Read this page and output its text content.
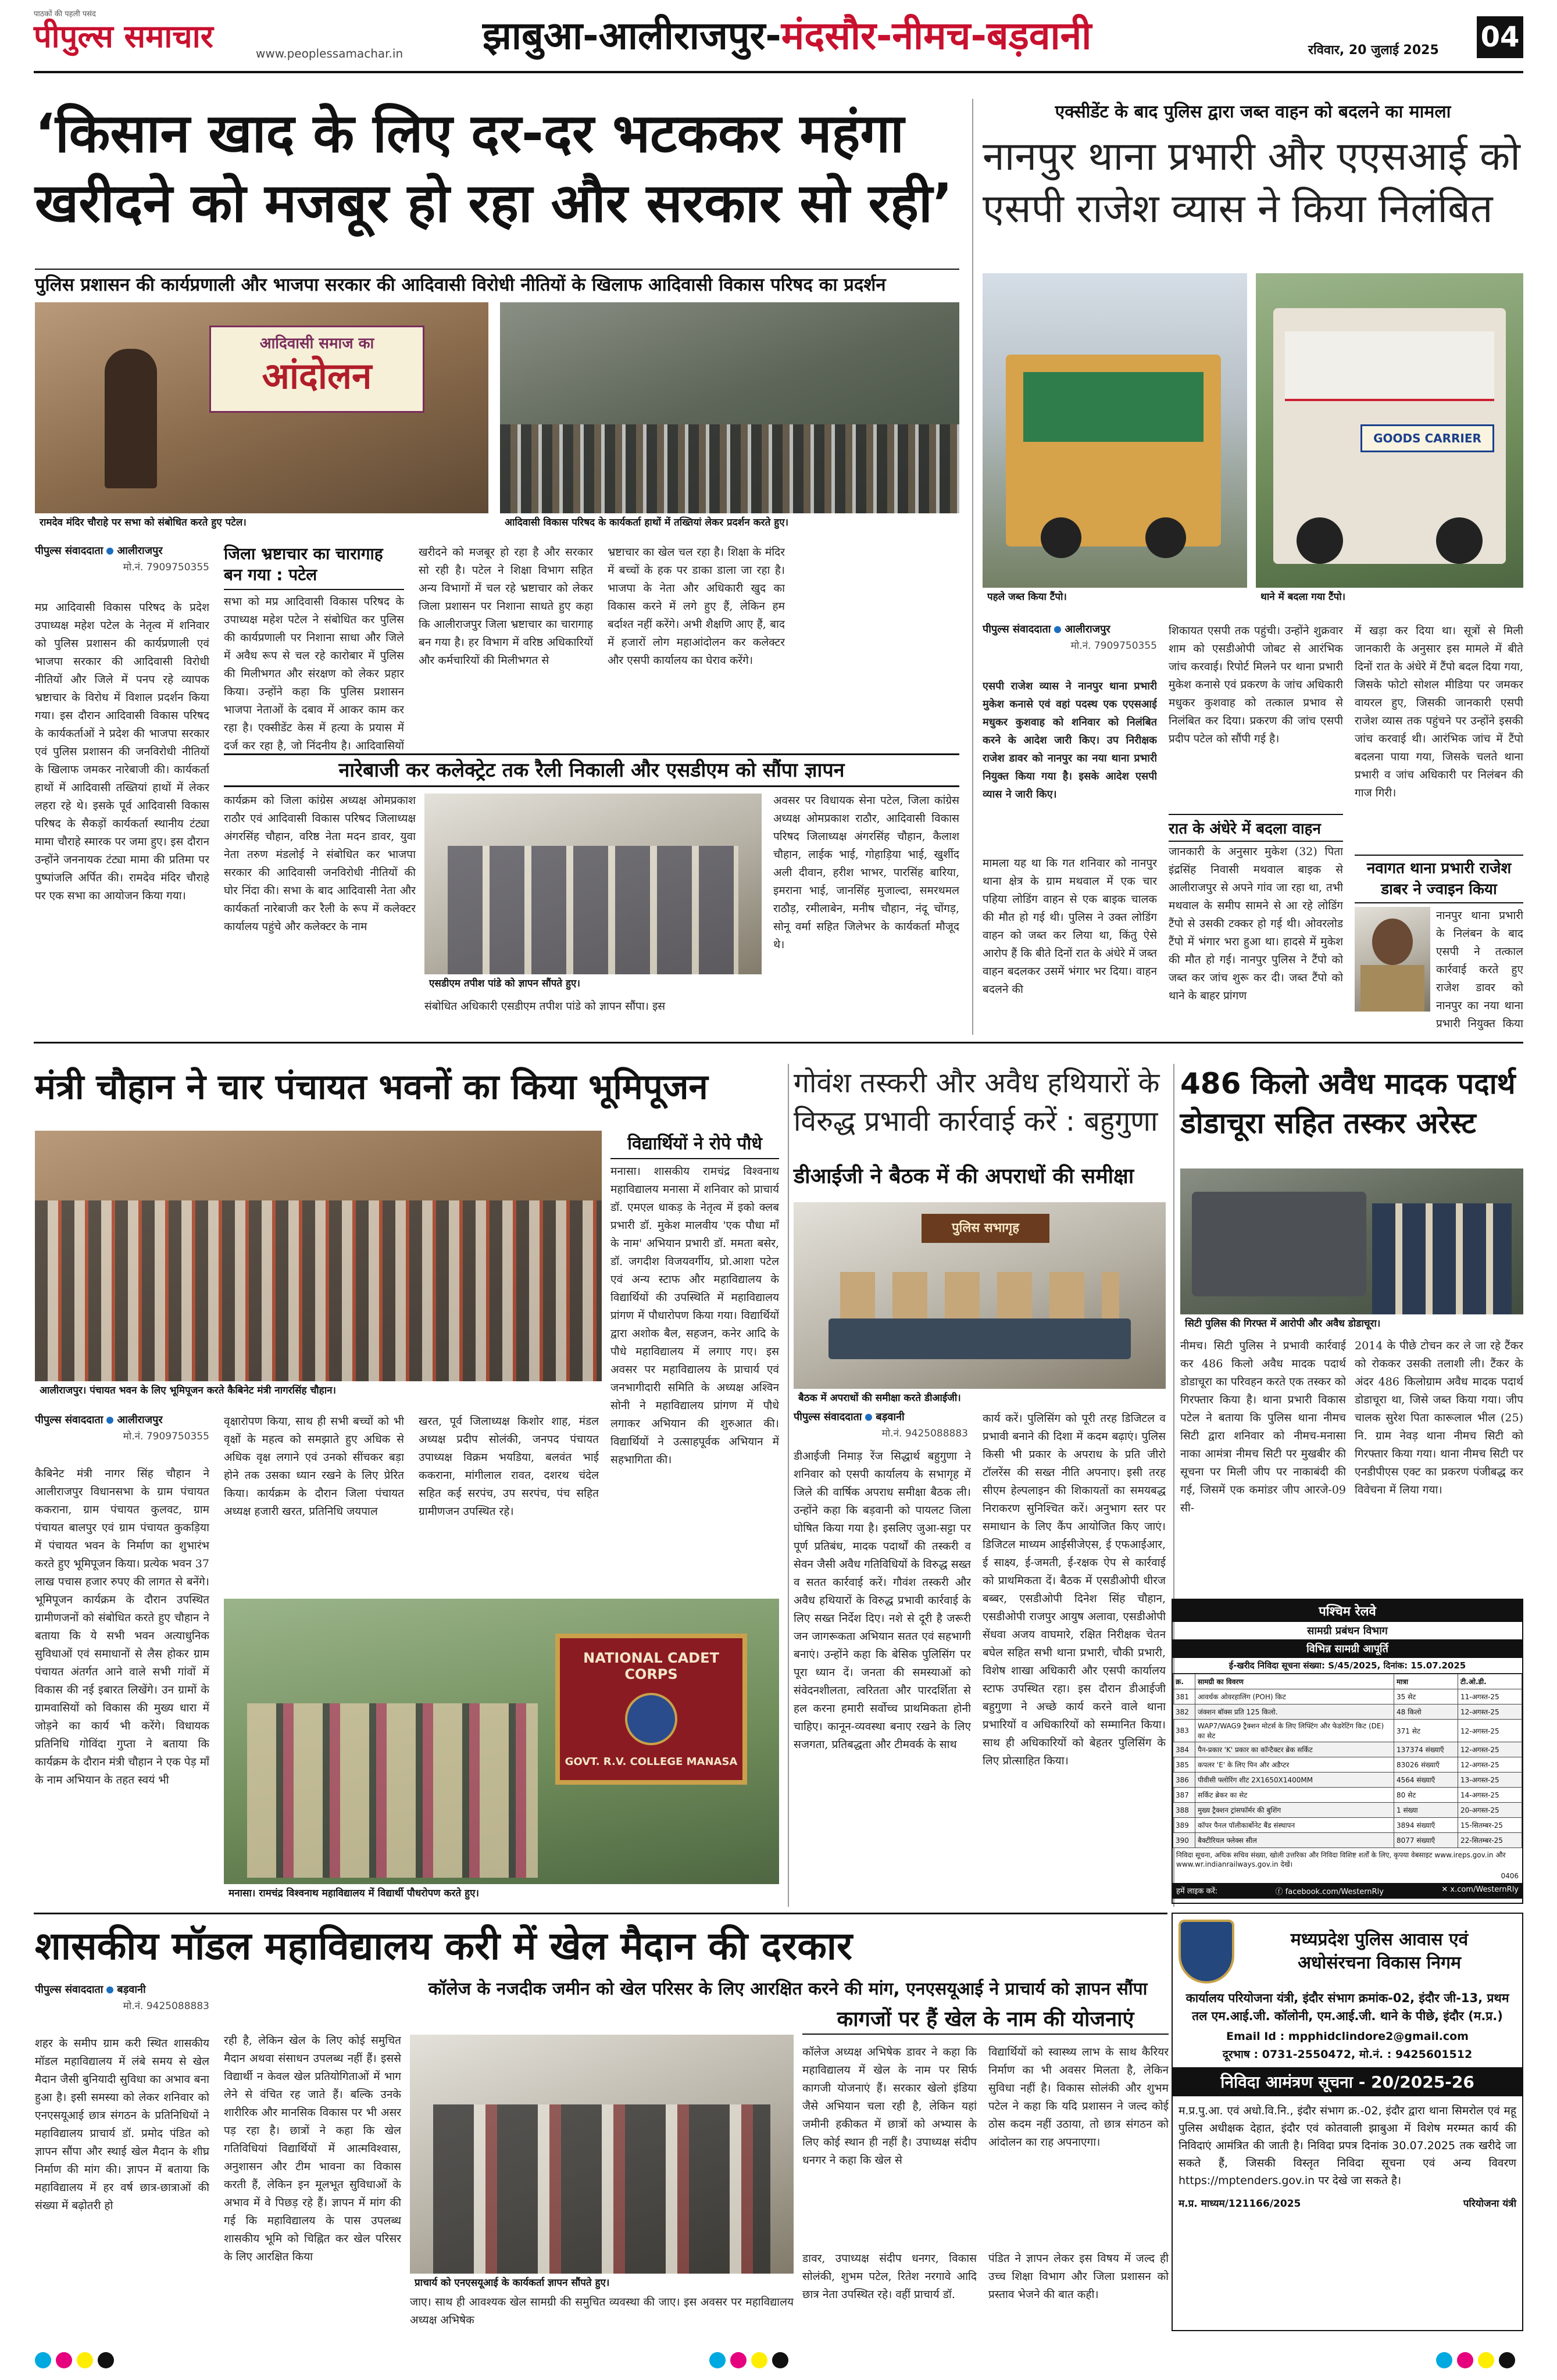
पाठकों की पहली पसंद
पीपुल्स समाचार	www.peoplessamachar.in झाबुआ-आलीराजपुर-मंदसौर-नीमच-बड़वानी	रविवार, 20 जुलाई 2025 04
‘किसान खाद के लिए दर-दर भटककर महंगा खरीदने को मजबूर हो रहा और सरकार सो रही’
पुलिस प्रशासन की कार्यप्रणाली और भाजपा सरकार की आदिवासी विरोधी नीतियों के खिलाफ आदिवासी विकास परिषद का प्रदर्शन
आदिवासी समाज का
आंदोलन
रामदेव मंदिर चौराहे पर सभा को संबोधित करते हुए पटेल।	आदिवासी विकास परिषद के कार्यकर्ता हाथों में तख्तियां लेकर प्रदर्शन करते हुए।
पीपुल्स संवाददाता आलीराजपुर
मो.नं. 7909750355
मप्र आदिवासी विकास परिषद के प्रदेश उपाध्यक्ष महेश पटेल के नेतृत्व में शनिवार को पुलिस प्रशासन की कार्यप्रणाली एवं भाजपा सरकार की आदिवासी विरोधी नीतियों और जिले में पनप रहे व्यापक भ्रष्टाचार के विरोध में विशाल प्रदर्शन किया गया। इस दौरान आदिवासी विकास परिषद के कार्यकर्ताओं ने प्रदेश की भाजपा सरकार एवं पुलिस प्रशासन की जनविरोधी नीतियों के खिलाफ जमकर नारेबाजी की। कार्यकर्ता हाथों में आदिवासी तख्तियां हाथों में लेकर लहरा रहे थे। इसके पूर्व आदिवासी विकास परिषद के सैकड़ों कार्यकर्ता स्थानीय टंट्या मामा चौराहे स्मारक पर जमा हुए। इस दौरान उन्होंने जननायक टंट्या मामा की प्रतिमा पर पुष्पांजलि अर्पित की। रामदेव मंदिर चौराहे पर एक सभा का आयोजन किया गया।
जिला भ्रष्टाचार का चारागाह बन गया : पटेल
सभा को मप्र आदिवासी विकास परिषद के उपाध्यक्ष महेश पटेल ने संबोधित कर पुलिस की कार्यप्रणाली पर निशाना साधा और जिले में अवैध रूप से चल रहे कारोबार में पुलिस की मिलीभगत और संरक्षण को लेकर प्रहार किया। उन्होंने कहा कि पुलिस प्रशासन भाजपा नेताओं के दबाव में आकर काम कर रहा है। एक्सीडेंट केस में हत्या के प्रयास में दर्ज कर रहा है, जो निंदनीय है। आदिवासियों
खरीदने को मजबूर हो रहा है और सरकार सो रही है। पटेल ने शिक्षा विभाग सहित अन्य विभागों में चल रहे भ्रष्टाचार को लेकर जिला प्रशासन पर निशाना साधते हुए कहा कि आलीराजपुर जिला भ्रष्टाचार का चारागाह बन गया है। हर विभाग में वरिष्ठ अधिकारियों और कर्मचारियों की मिलीभगत से
भ्रष्टाचार का खेल चल रहा है। शिक्षा के मंदिर में बच्चों के हक पर डाका डाला जा रहा है। भाजपा के नेता और अधिकारी खुद का विकास करने में लगे हुए हैं, लेकिन हम बर्दाश्त नहीं करेंगे। अभी शैक्षणि आए हैं, बाद में हजारों लोग महाआंदोलन कर कलेक्टर और एसपी कार्यालय का घेराव करेंगे।
नारेबाजी कर कलेक्ट्रेट तक रैली निकाली और एसडीएम को सौंपा ज्ञापन
कार्यक्रम को जिला कांग्रेस अध्यक्ष ओमप्रकाश राठौर एवं आदिवासी विकास परिषद जिलाध्यक्ष अंगरसिंह चौहान, वरिष्ठ नेता मदन डावर, युवा नेता तरुण मंडलोई ने संबोधित कर भाजपा सरकार की आदिवासी जनविरोधी नीतियों की घोर निंदा की। सभा के बाद आदिवासी नेता और कार्यकर्ता नारेबाजी कर रैली के रूप में कलेक्टर कार्यालय पहुंचे और कलेक्टर के नाम
एसडीएम तपीश पांडे को ज्ञापन सौंपते हुए।
संबोधित अधिकारी एसडीएम तपीश पांडे को ज्ञापन सौंपा। इस
अवसर पर विधायक सेना पटेल, जिला कांग्रेस अध्यक्ष ओमप्रकाश राठौर, आदिवासी विकास परिषद जिलाध्यक्ष अंगरसिंह चौहान, कैलाश चौहान, लाईक भाई, गोहाड़िया भाई, खुर्शीद अली दीवान, हरीश भाभर, पारसिंह बारिया, इमराना भाई, जानसिंह मुजाल्दा, समरथमल राठौड़, रमीलाबेन, मनीष चौहान, नंदू चोंगड़, सोनू वर्मा सहित जिलेभर के कार्यकर्ता मौजूद थे।
एक्सीडेंट के बाद पुलिस द्वारा जब्त वाहन को बदलने का मामला
नानपुर थाना प्रभारी और एएसआई को एसपी राजेश व्यास ने किया निलंबित
पहले जब्त किया टैंपो।
GOODS CARRIER
थाने में बदला गया टैंपो।
पीपुल्स संवाददाता आलीराजपुर
मो.नं. 7909750355
एसपी राजेश व्यास ने नानपुर थाना प्रभारी मुकेश कनासे एवं वहां पदस्थ एक एएसआई मधुकर कुशवाह को शनिवार को निलंबित करने के आदेश जारी किए। उप निरीक्षक राजेश डावर को नानपुर का नया थाना प्रभारी नियुक्त किया गया है। इसके आदेश एसपी व्यास ने जारी किए।
मामला यह था कि गत शनिवार को नानपुर थाना क्षेत्र के ग्राम मथवाल में एक चार पहिया लोडिंग वाहन से एक बाइक चालक की मौत हो गई थी। पुलिस ने उक्त लोडिंग वाहन को जब्त कर लिया था, किंतु ऐसे आरोप हैं कि बीते दिनों रात के अंधेरे में जब्त वाहन बदलकर उसमें भंगार भर दिया। वाहन बदलने की
शिकायत एसपी तक पहुंची। उन्होंने शुक्रवार शाम को एसडीओपी जोबट से आरंभिक जांच करवाई। रिपोर्ट मिलने पर थाना प्रभारी मुकेश कनासे एवं प्रकरण के जांच अधिकारी मधुकर कुशवाह को तत्काल प्रभाव से निलंबित कर दिया। प्रकरण की जांच एसपी प्रदीप पटेल को सौंपी गई है।
रात के अंधेरे में बदला वाहन
जानकारी के अनुसार मुकेश (32) पिता इंद्रसिंह निवासी मथवाल बाइक से आलीराजपुर से अपने गांव जा रहा था, तभी मथवाल के समीप सामने से आ रहे लोडिंग टैंपो से उसकी टक्कर हो गई थी। ओवरलोड टैंपो में भंगार भरा हुआ था। हादसे में मुकेश की मौत हो गई। नानपुर पुलिस ने टैंपो को जब्त कर जांच शुरू कर दी। जब्त टैंपो को थाने के बाहर प्रांगण
में खड़ा कर दिया था। सूत्रों से मिली जानकारी के अनुसार इस मामले में बीते दिनों रात के अंधेरे में टैंपो बदल दिया गया, जिसके फोटो सोशल मीडिया पर जमकर वायरल हुए, जिसकी जानकारी एसपी राजेश व्यास तक पहुंचने पर उन्होंने इसकी जांच करवाई थी। आरंभिक जांच में टैंपो बदलना पाया गया, जिसके चलते थाना प्रभारी व जांच अधिकारी पर निलंबन की गाज गिरी।
नवागत थाना प्रभारी राजेश डाबर ने ज्वाइन किया
नानपुर थाना प्रभारी के निलंबन के बाद एसपी ने तत्काल कार्रवाई करते हुए राजेश डावर को नानपुर का नया थाना प्रभारी नियुक्त किया
मंत्री चौहान ने चार पंचायत भवनों का किया भूमिपूजन
आलीराजपुर। पंचायत भवन के लिए भूमिपूजन करते कैबिनेट मंत्री नागरसिंह चौहान।
पीपुल्स संवाददाता आलीराजपुर
मो.नं. 7909750355
कैबिनेट मंत्री नागर सिंह चौहान ने आलीराजपुर विधानसभा के ग्राम पंचायत ककराना, ग्राम पंचायत कुलवट, ग्राम पंचायत बालपुर एवं ग्राम पंचायत कुकड़िया में पंचायत भवन के निर्माण का शुभारंभ करते हुए भूमिपूजन किया। प्रत्येक भवन 37 लाख पचास हजार रुपए की लागत से बनेंगे। भूमिपूजन कार्यक्रम के दौरान उपस्थित ग्रामीणजनों को संबोधित करते हुए चौहान ने बताया कि ये सभी भवन अत्याधुनिक सुविधाओं एवं समाधानों से लैस होकर ग्राम पंचायत अंतर्गत आने वाले सभी गांवों में विकास की नई इबारत लिखेंगे। उन ग्रामों के ग्रामवासियों को विकास की मुख्य धारा में जोड़ने का कार्य भी करेंगे। विधायक प्रतिनिधि गोविंदा गुप्ता ने बताया कि कार्यक्रम के दौरान मंत्री चौहान ने एक पेड़ माँ के नाम अभियान के तहत स्वयं भी
वृक्षारोपण किया, साथ ही सभी बच्चों को भी वृक्षों के महत्व को समझाते हुए अधिक से अधिक वृक्ष लगाने एवं उनको सींचकर बड़ा होने तक उसका ध्यान रखने के लिए प्रेरित किया। कार्यक्रम के दौरान जिला पंचायत अध्यक्ष हजारी खरत, प्रतिनिधि जयपाल
खरत, पूर्व जिलाध्यक्ष किशोर शाह, मंडल अध्यक्ष प्रदीप सोलंकी, जनपद पंचायत उपाध्यक्ष विक्रम भयडिया, बलवंत भाई ककराना, मांगीलाल रावत, दशरथ चंदेल सहित कई सरपंच, उप सरपंच, पंच सहित ग्रामीणजन उपस्थित रहे।
विद्यार्थियों ने रोपे पौधे
मनासा। शासकीय रामचंद्र विश्वनाथ महाविद्यालय मनासा में शनिवार को प्राचार्य डॉ. एमएल धाकड़ के नेतृत्व में इको क्लब प्रभारी डॉ. मुकेश मालवीय 'एक पौधा माँ के नाम' अभियान प्रभारी डॉ. ममता बसेर, डॉ. जगदीश विजयवर्गीय, प्रो.आशा पटेल एवं अन्य स्टाफ और महाविद्यालय के विद्यार्थियों की उपस्थिति में महाविद्यालय प्रांगण में पौधारोपण किया गया। विद्यार्थियों द्वारा अशोक बैल, सहजन, कनेर आदि के पौधे महाविद्यालय में लगाए गए। इस अवसर पर महाविद्यालय के प्राचार्य एवं जनभागीदारी समिति के अध्यक्ष अश्विन सोनी ने महाविद्यालय प्रांगण में पौधे लगाकर अभियान की शुरुआत की। विद्यार्थियों ने उत्साहपूर्वक अभियान में सहभागिता की।
NATIONAL CADET CORPS
GOVT. R.V. COLLEGE MANASA
मनासा। रामचंद्र विश्वनाथ महाविद्यालय में विद्यार्थी पौधरोपण करते हुए।
गोवंश तस्करी और अवैध हथियारों के विरुद्ध प्रभावी कार्रवाई करें : बहुगुणा
डीआईजी ने बैठक में की अपराधों की समीक्षा
पुलिस सभागृह
बैठक में अपराधों की समीक्षा करते डीआईजी।
पीपुल्स संवाददाता बड़वानी
मो.नं. 9425088883
डीआईजी निमाड़ रेंज सिद्धार्थ बहुगुणा ने शनिवार को एसपी कार्यालय के सभागृह में जिले की वार्षिक अपराध समीक्षा बैठक ली। उन्होंने कहा कि बड़वानी को पायलट जिला घोषित किया गया है। इसलिए जुआ-सट्टा पर पूर्ण प्रतिबंध, मादक पदार्थों की तस्करी व सेवन जैसी अवैध गतिविधियों के विरुद्ध सख्त व सतत कार्रवाई करें। गौवंश तस्करी और अवैध हथियारों के विरुद्ध प्रभावी कार्रवाई के लिए सख्त निर्देश दिए। नशे से दूरी है जरूरी जन जागरूकता अभियान सतत एवं सहभागी बनाएं। उन्होंने कहा कि बेसिक पुलिसिंग पर पूरा ध्यान दें। जनता की समस्याओं को संवेदनशीलता, त्वरितता और पारदर्शिता से हल करना हमारी सर्वोच्च प्राथमिकता होनी चाहिए। कानून-व्यवस्था बनाए रखने के लिए सजगता, प्रतिबद्धता और टीमवर्क के साथ
कार्य करें। पुलिसिंग को पूरी तरह डिजिटल व प्रभावी बनाने की दिशा में कदम बढ़ाएं। पुलिस किसी भी प्रकार के अपराध के प्रति जीरो टॉलरेंस की सख्त नीति अपनाए। इसी तरह सीएम हेल्पलाइन की शिकायतों का समयबद्ध निराकरण सुनिश्चित करें। अनुभाग स्तर पर समाधान के लिए कैंप आयोजित किए जाएं। डिजिटल माध्यम आईसीजेएस, ई एफआईआर, ई साक्ष्य, ई-जमती, ई-रक्षक ऐप से कार्रवाई को प्राथमिकता दें। बैठक में एसडीओपी धीरज बब्बर, एसडीओपी दिनेश सिंह चौहान, एसडीओपी राजपुर आयुष अलावा, एसडीओपी सेंधवा अजय वाघमारे, रक्षित निरीक्षक चेतन बघेल सहित सभी थाना प्रभारी, चौकी प्रभारी, विशेष शाखा अधिकारी और एसपी कार्यालय स्टाफ उपस्थित रहा। इस दौरान डीआईजी बहुगुणा ने अच्छे कार्य करने वाले थाना प्रभारियों व अधिकारियों को सम्मानित किया। साथ ही अधिकारियों को बेहतर पुलिसिंग के लिए प्रोत्साहित किया।
486 किलो अवैध मादक पदार्थ डोडाचूरा सहित तस्कर अरेस्ट
सिटी पुलिस की गिरफ्त में आरोपी और अवैध डोडाचूरा।
नीमच। सिटी पुलिस ने प्रभावी कार्रवाई कर 486 किलो अवैध मादक पदार्थ डोडाचूरा का परिवहन करते एक तस्कर को गिरफ्तार किया है। थाना प्रभारी विकास पटेल ने बताया कि पुलिस थाना नीमच सिटी द्वारा शनिवार को नीमच-मनासा नाका आमंत्रा नीमच सिटी पर मुखबीर की सूचना पर मिली जीप पर नाकाबंदी की गई, जिसमें एक कमांडर जीप आरजे-09 सी-
2014 के पीछे टोचन कर ले जा रहे टैंकर को रोककर उसकी तलाशी ली। टैंकर के अंदर 486 किलोग्राम अवैध मादक पदार्थ डोडाचूरा था, जिसे जब्त किया गया। जीप चालक सुरेश पिता कारूलाल भील (25) नि. ग्राम नेवड़ थाना नीमच सिटी को गिरफ्तार किया गया। थाना नीमच सिटी पर एनडीपीएस एक्ट का प्रकरण पंजीबद्ध कर विवेचना में लिया गया।
पश्चिम रेलवे
सामग्री प्रबंधन विभाग
विभिन्न सामग्री आपूर्ति
ई-खरीद निविदा सूचना संख्या: S/45/2025, दिनांक: 15.07.2025
क्र.	सामग्री का विवरण	मात्रा	टी.ओ.डी.
381	आवर्धक ओवरहालिंग (POH) किट	35 सेट	11-अगस्त-25
382	जंक्शन बॉक्स प्रति 125 किलो.	48 किलो	12-अगस्त-25
383	WAP7/WAG9 ट्रैक्शन मोटर्स के लिए लिफ्टिंग और फेडरेटिंग किट (DE) का सेट	371 सेट	12-अगस्त-25
384	पैन-प्रकार 'K' प्रकार का कॉन्टैक्टर ब्रेक सर्किट	137374 संख्याएँ	12-अगस्त-25
385	कपलर 'E' के लिए पिन और अडैप्टर	83026 संख्याएँ	12-अगस्त-25
386	पीवीसी फ्लोरिंग शीट 2X1650X1400MM	4564 संख्याएँ	13-अगस्त-25
387	सर्किट ब्रेकर का सेट	80 सेट	14-अगस्त-25
388	मुख्य ट्रैक्शन ट्रांसफॉर्मर की बुशिंग	1 संख्या	20-अगस्त-25
389	कॉपर पैनल पॉलीकार्बोनेट बैंड संस्थापन	3894 संख्याएँ	15-सितम्बर-25
390	बैक्टीरियल फ्लेक्स सील	8077 संख्याएँ	22-सितम्बर-25
निविदा सूचना, अधिक सचिव संख्या, खोली उत्तरिका और निविदा विशिष्ट शर्तों के लिए, कृपया वेबसाइट www.ireps.gov.in और www.wr.indianrailways.gov.in देखें।
0406
हमें लाइक करें:	ⓕ facebook.com/WesternRly	✕ x.com/WesternRly
शासकीय मॉडल महाविद्यालय करी में खेल मैदान की दरकार
कॉलेज के नजदीक जमीन को खेल परिसर के लिए आरक्षित करने की मांग, एनएसयूआई ने प्राचार्य को ज्ञापन सौंपा
कागजों पर हैं खेल के नाम की योजनाएं
पीपुल्स संवाददाता बड़वानी
मो.नं. 9425088883
शहर के समीप ग्राम करी स्थित शासकीय मॉडल महाविद्यालय में लंबे समय से खेल मैदान जैसी बुनियादी सुविधा का अभाव बना हुआ है। इसी समस्या को लेकर शनिवार को एनएसयूआई छात्र संगठन के प्रतिनिधियों ने महाविद्यालय प्राचार्य डॉ. प्रमोद पंडित को ज्ञापन सौंपा और स्थाई खेल मैदान के शीघ्र निर्माण की मांग की। ज्ञापन में बताया कि महाविद्यालय में हर वर्ष छात्र-छात्राओं की संख्या में बढ़ोतरी हो
रही है, लेकिन खेल के लिए कोई समुचित मैदान अथवा संसाधन उपलब्ध नहीं हैं। इससे विद्यार्थी न केवल खेल प्रतियोगिताओं में भाग लेने से वंचित रह जाते हैं। बल्कि उनके शारीरिक और मानसिक विकास पर भी असर पड़ रहा है। छात्रों ने कहा कि खेल गतिविधियां विद्यार्थियों में आत्मविश्वास, अनुशासन और टीम भावना का विकास करती हैं, लेकिन इन मूलभूत सुविधाओं के अभाव में वे पिछड़ रहे हैं। ज्ञापन में मांग की गई कि महाविद्यालय के पास उपलब्ध शासकीय भूमि को चिह्नित कर खेल परिसर के लिए आरक्षित किया
प्राचार्य को एनएसयूआई के कार्यकर्ता ज्ञापन सौंपते हुए।
जाए। साथ ही आवश्यक खेल सामग्री की समुचित व्यवस्था की जाए। इस अवसर पर महाविद्यालय अध्यक्ष अभिषेक
कॉलेज अध्यक्ष अभिषेक डावर ने कहा कि महाविद्यालय में खेल के नाम पर सिर्फ कागजी योजनाएं हैं। सरकार खेलो इंडिया जैसे अभियान चला रही है, लेकिन यहां जमीनी हकीकत में छात्रों को अभ्यास के लिए कोई स्थान ही नहीं है। उपाध्यक्ष संदीप धनगर ने कहा कि खेल से
डावर, उपाध्यक्ष संदीप धनगर, विकास सोलंकी, शुभम पटेल, रितेश नरगावे आदि छात्र नेता उपस्थित रहे। वहीं प्राचार्य डॉ.
विद्यार्थियों को स्वास्थ्य लाभ के साथ कैरियर निर्माण का भी अवसर मिलता है, लेकिन सुविधा नहीं है। विकास सोलंकी और शुभम पटेल ने कहा कि यदि प्रशासन ने जल्द कोई ठोस कदम नहीं उठाया, तो छात्र संगठन को आंदोलन का राह अपनाएगा।
पंडित ने ज्ञापन लेकर इस विषय में जल्द ही उच्च शिक्षा विभाग और जिला प्रशासन को प्रस्ताव भेजने की बात कही।
मध्यप्रदेश पुलिस आवास एवं
अधोसंरचना विकास निगम
कार्यालय परियोजना यंत्री, इंदौर संभाग क्रमांक-02, इंदौर जी-13, प्रथम तल एम.आई.जी. कॉलोनी, एम.आई.जी. थाने के पीछे, इंदौर (म.प्र.)
Email Id : mpphidclindore2@gmail.com
दूरभाष : 0731-2550472, मो.नं. : 9425601512
निविदा आमंत्रण सूचना - 20/2025-26
म.प्र.पु.आ. एवं अधो.वि.नि., इंदौर संभाग क्र.-02, इंदौर द्वारा थाना सिमरोल एवं महू पुलिस अधीक्षक देहात, इंदौर एवं कोतवाली झाबुआ में विशेष मरम्मत कार्य की निविदाएं आमंत्रित की जाती है। निविदा प्रपत्र दिनांक 30.07.2025 तक खरीदे जा सकते हैं, जिसकी विस्तृत निविदा सूचना एवं अन्य विवरण https://mptenders.gov.in पर देखे जा सकते है।
म.प्र. माध्यम/121166/2025	परियोजना यंत्री
